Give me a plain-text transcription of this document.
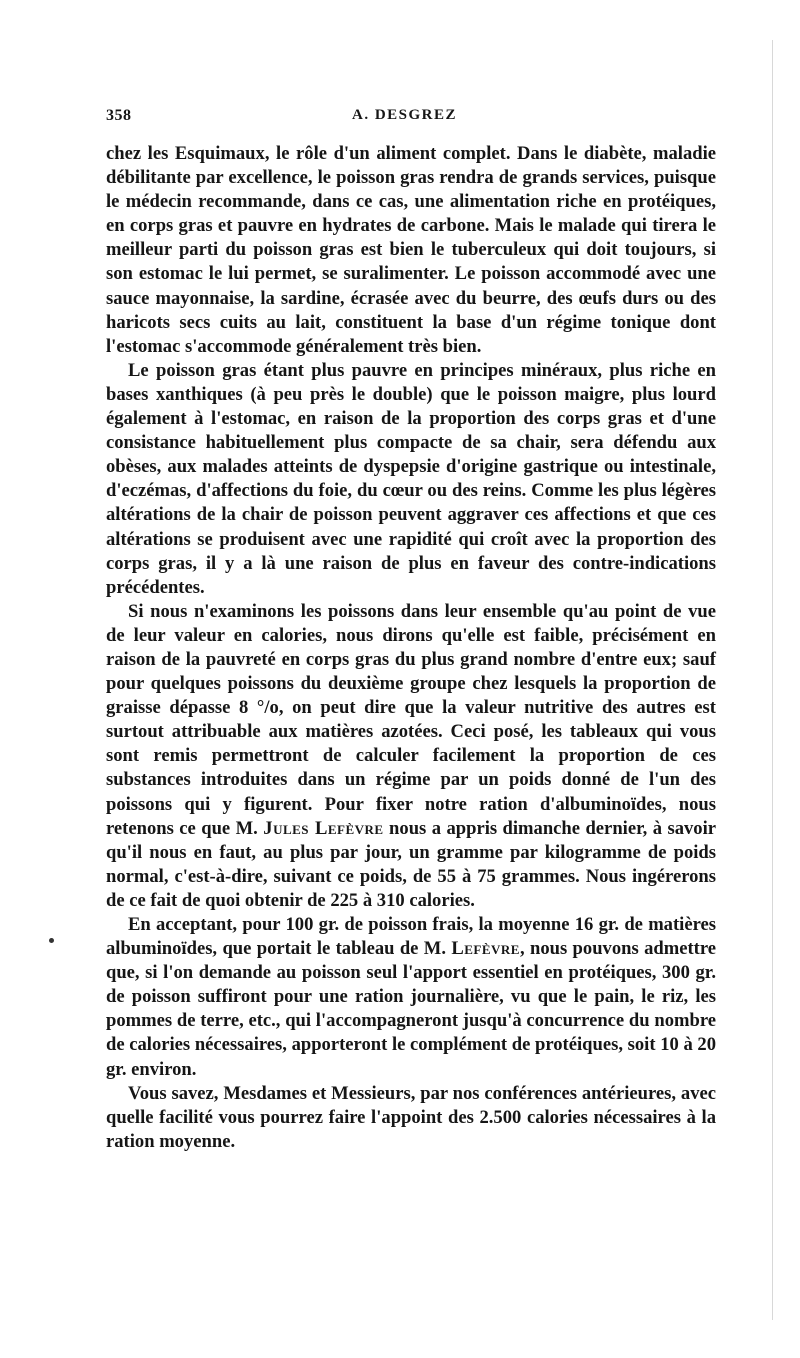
358	A. DESGREZ

chez les Esquimaux, le rôle d'un aliment complet. Dans le diabète, maladie débilitante par excellence, le poisson gras rendra de grands services, puisque le médecin recommande, dans ce cas, une alimentation riche en protéiques, en corps gras et pauvre en hydrates de carbone. Mais le malade qui tirera le meilleur parti du poisson gras est bien le tuberculeux qui doit toujours, si son estomac le lui permet, se suralimenter. Le poisson accommodé avec une sauce mayonnaise, la sardine, écrasée avec du beurre, des œufs durs ou des haricots secs cuits au lait, constituent la base d'un régime tonique dont l'estomac s'accommode généralement très bien.

Le poisson gras étant plus pauvre en principes minéraux, plus riche en bases xanthiques (à peu près le double) que le poisson maigre, plus lourd également à l'estomac, en raison de la proportion des corps gras et d'une consistance habituellement plus compacte de sa chair, sera défendu aux obèses, aux malades atteints de dyspepsie d'origine gastrique ou intestinale, d'eczémas, d'affections du foie, du cœur ou des reins. Comme les plus légères altérations de la chair de poisson peuvent aggraver ces affections et que ces altérations se produisent avec une rapidité qui croît avec la proportion des corps gras, il y a là une raison de plus en faveur des contre-indications précédentes.

Si nous n'examinons les poissons dans leur ensemble qu'au point de vue de leur valeur en calories, nous dirons qu'elle est faible, précisément en raison de la pauvreté en corps gras du plus grand nombre d'entre eux; sauf pour quelques poissons du deuxième groupe chez lesquels la proportion de graisse dépasse 8 °/o, on peut dire que la valeur nutritive des autres est surtout attribuable aux matières azotées. Ceci posé, les tableaux qui vous sont remis permettront de calculer facilement la proportion de ces substances introduites dans un régime par un poids donné de l'un des poissons qui y figurent. Pour fixer notre ration d'albuminoïdes, nous retenons ce que M. Jules Lefèvre nous a appris dimanche dernier, à savoir qu'il nous en faut, au plus par jour, un gramme par kilogramme de poids normal, c'est-à-dire, suivant ce poids, de 55 à 75 grammes. Nous ingérerons de ce fait de quoi obtenir de 225 à 310 calories.

En acceptant, pour 100 gr. de poisson frais, la moyenne 16 gr. de matières albuminoïdes, que portait le tableau de M. Lefèvre, nous pouvons admettre que, si l'on demande au poisson seul l'apport essentiel en protéiques, 300 gr. de poisson suffiront pour une ration journalière, vu que le pain, le riz, les pommes de terre, etc., qui l'accompagneront jusqu'à concurrence du nombre de calories nécessaires, apporteront le complément de protéiques, soit 10 à 20 gr. environ.

Vous savez, Mesdames et Messieurs, par nos conférences antérieures, avec quelle facilité vous pourrez faire l'appoint des 2.500 calories nécessaires à la ration moyenne.
